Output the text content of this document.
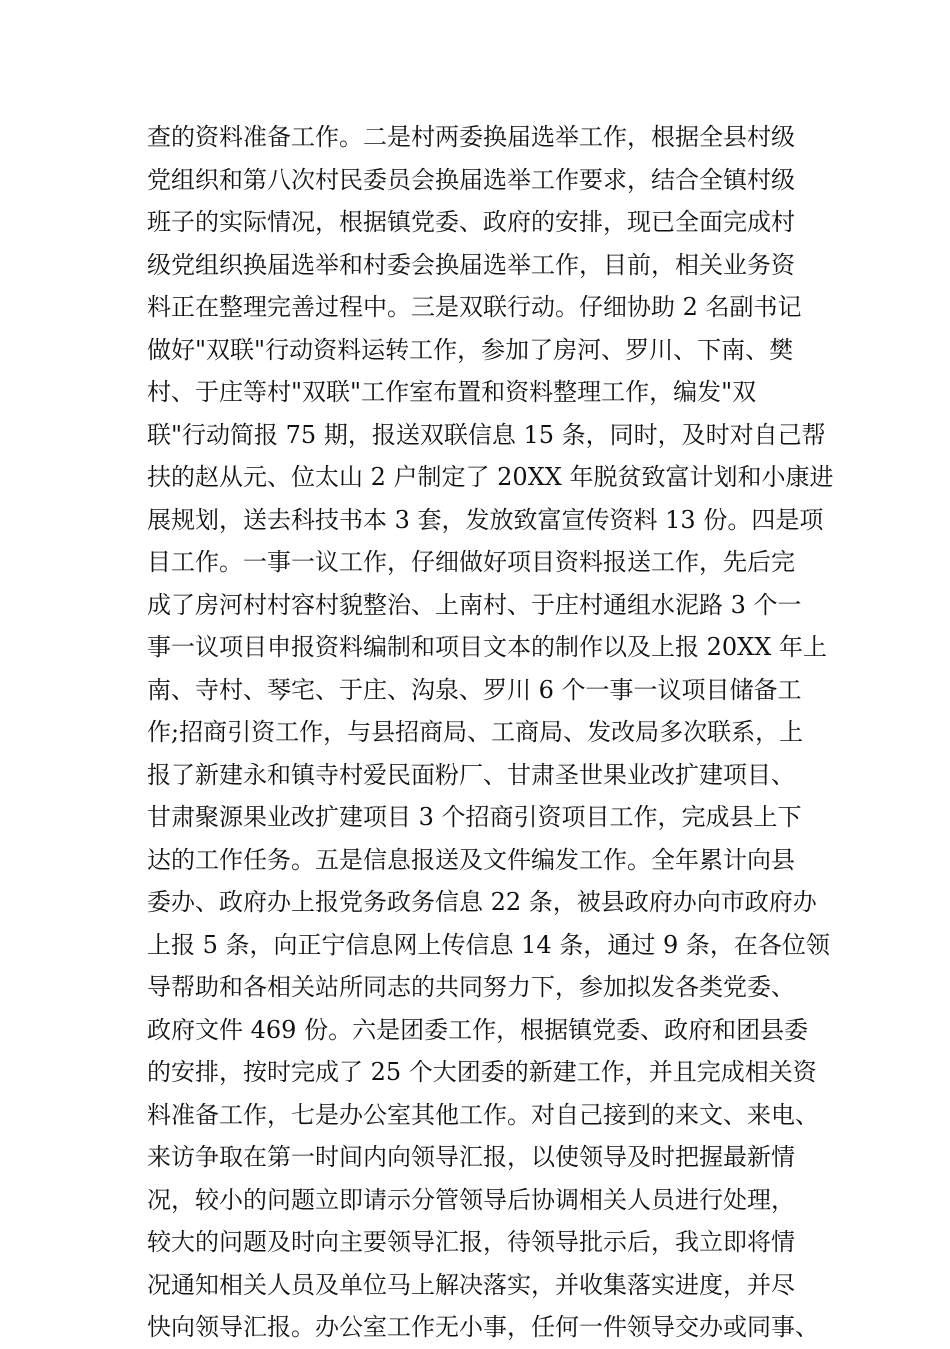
查的资料准备工作。二是村两委换届选举工作，根据全县村级
党组织和第八次村民委员会换届选举工作要求，结合全镇村级
班子的实际情况，根据镇党委、政府的安排，现已全面完成村
级党组织换届选举和村委会换届选举工作，目前，相关业务资
料正在整理完善过程中。三是双联行动。仔细协助 2 名副书记
做好"双联"行动资料运转工作，参加了房河、罗川、下南、樊
村、于庄等村"双联"工作室布置和资料整理工作，编发"双
联"行动简报 75 期，报送双联信息 15 条，同时，及时对自己帮
扶的赵从元、位太山 2 户制定了 20XX 年脱贫致富计划和小康进
展规划，送去科技书本 3 套，发放致富宣传资料 13 份。四是项
目工作。一事一议工作，仔细做好项目资料报送工作，先后完
成了房河村村容村貌整治、上南村、于庄村通组水泥路 3 个一
事一议项目申报资料编制和项目文本的制作以及上报 20XX 年上
南、寺村、琴宅、于庄、沟泉、罗川 6 个一事一议项目储备工
作;招商引资工作，与县招商局、工商局、发改局多次联系，上
报了新建永和镇寺村爱民面粉厂、甘肃圣世果业改扩建项目、
甘肃聚源果业改扩建项目 3 个招商引资项目工作，完成县上下
达的工作任务。五是信息报送及文件编发工作。全年累计向县
委办、政府办上报党务政务信息 22 条，被县政府办向市政府办
上报 5 条，向正宁信息网上传信息 14 条，通过 9 条，在各位领
导帮助和各相关站所同志的共同努力下，参加拟发各类党委、
政府文件 469 份。六是团委工作，根据镇党委、政府和团县委
的安排，按时完成了 25 个大团委的新建工作，并且完成相关资
料准备工作，七是办公室其他工作。对自己接到的来文、来电、
来访争取在第一时间内向领导汇报，以使领导及时把握最新情
况，较小的问题立即请示分管领导后协调相关人员进行处理，
较大的问题及时向主要领导汇报，待领导批示后，我立即将情
况通知相关人员及单位马上解决落实，并收集落实进度，并尽
快向领导汇报。办公室工作无小事，任何一件领导交办或同事、
